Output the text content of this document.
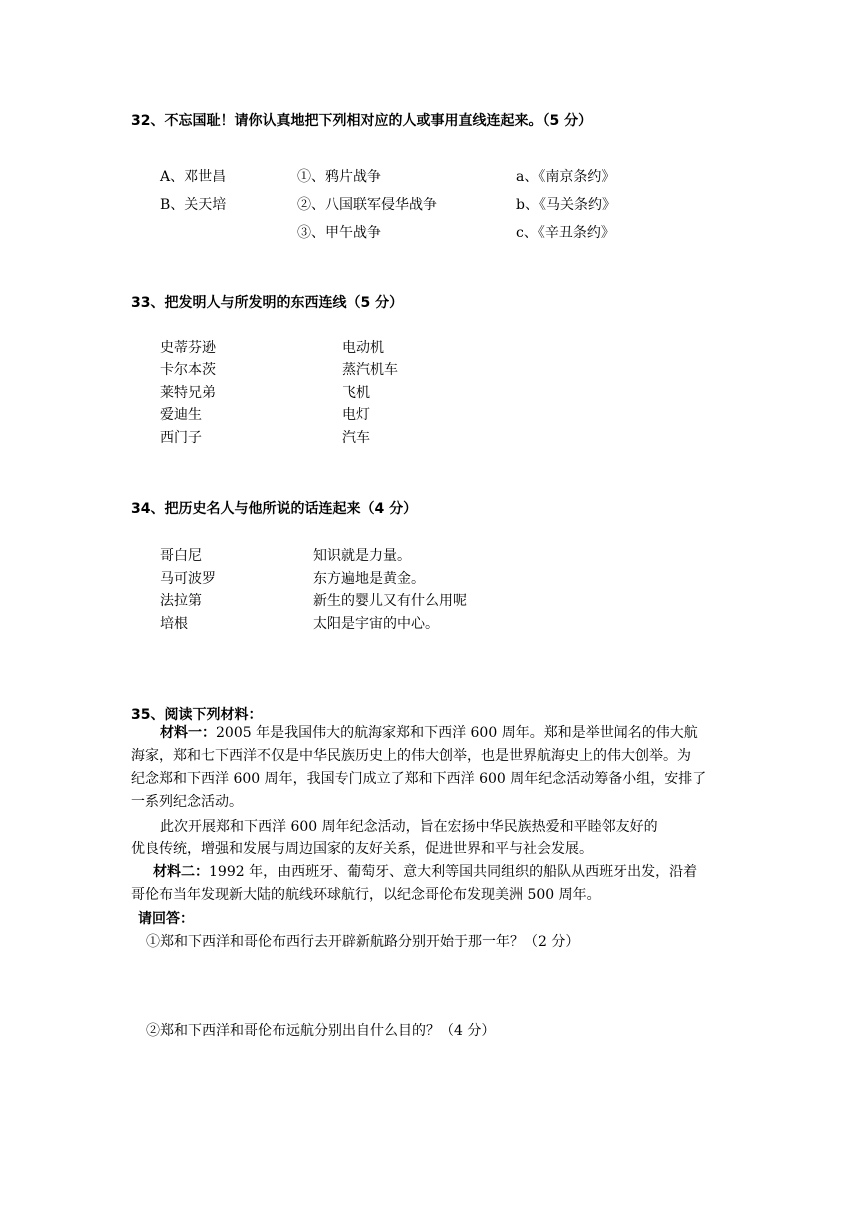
32、不忘国耻！请你认真地把下列相对应的人或事用直线连起来。（5 分）
A、邓世昌
B、关天培
①、鸦片战争
②、八国联军侵华战争
③、甲午战争
a、《南京条约》
b、《马关条约》
c、《辛丑条约》
33、把发明人与所发明的东西连线（5 分）
史蒂芬逊
卡尔本茨
莱特兄弟
爱迪生
西门子
电动机
蒸汽机车
飞机
电灯
汽车
34、把历史名人与他所说的话连起来（4 分）
哥白尼
马可波罗
法拉第
培根
知识就是力量。
东方遍地是黄金。
新生的婴儿又有什么用呢
太阳是宇宙的中心。
35、阅读下列材料：
材料一：2005 年是我国伟大的航海家郑和下西洋 600 周年。郑和是举世闻名的伟大航
海家，郑和七下西洋不仅是中华民族历史上的伟大创举，也是世界航海史上的伟大创举。为
纪念郑和下西洋 600 周年，我国专门成立了郑和下西洋 600 周年纪念活动筹备小组，安排了
一系列纪念活动。
此次开展郑和下西洋 600 周年纪念活动，旨在宏扬中华民族热爱和平睦邻友好的
优良传统，增强和发展与周边国家的友好关系，促进世界和平与社会发展。
材料二：1992 年，由西班牙、葡萄牙、意大利等国共同组织的船队从西班牙出发，沿着
哥伦布当年发现新大陆的航线环球航行，以纪念哥伦布发现美洲 500 周年。
请回答：
①郑和下西洋和哥伦布西行去开辟新航路分别开始于那一年？（2 分）
②郑和下西洋和哥伦布远航分别出自什么目的？（4 分）
